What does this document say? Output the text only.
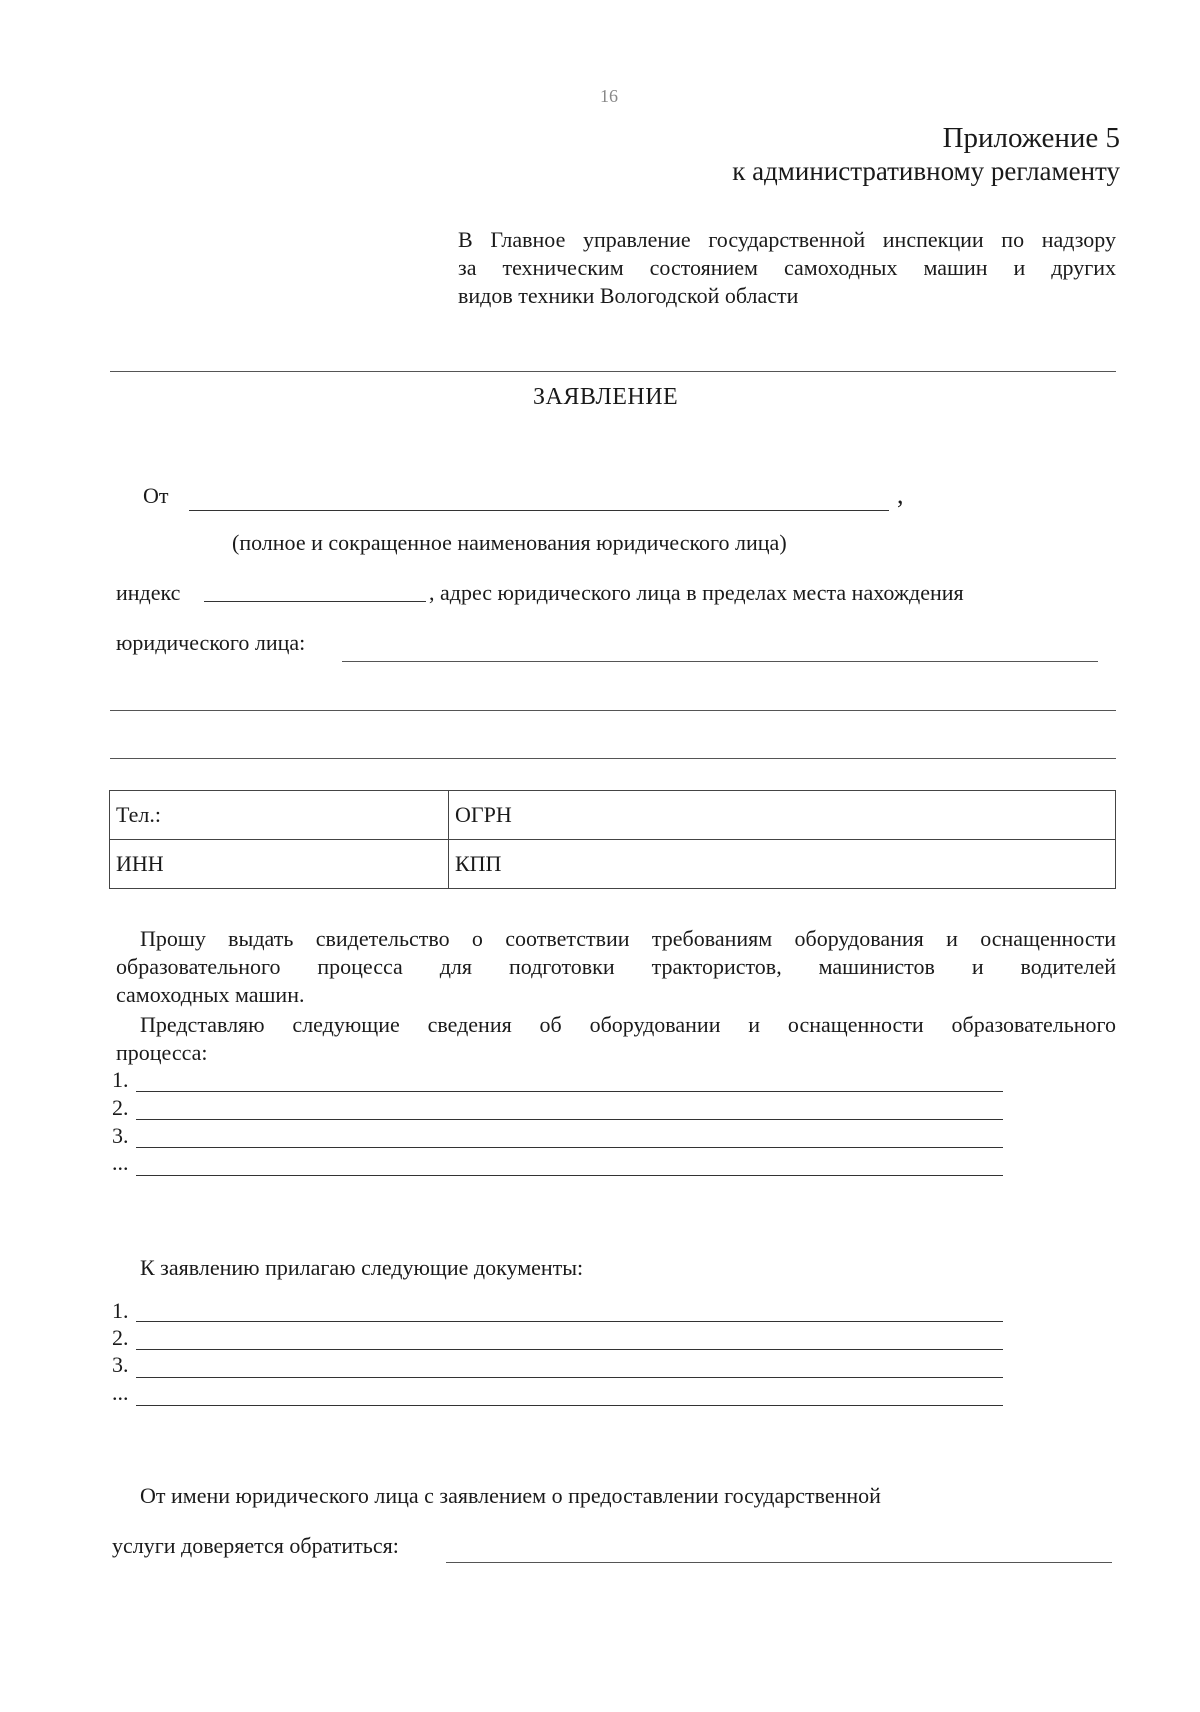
16
Приложение 5
к административному регламенту
В Главное управление государственной инспекции по надзору
за техническим состоянием самоходных машин и других
видов техники Вологодской области
ЗАЯВЛЕНИЕ
От	,
(полное и сокращенное наименования юридического лица)
индекс	, адрес юридического лица в пределах места нахождения
юридического лица:
Тел.:	ОГРН
ИНН	КПП
Прошу выдать свидетельство о соответствии требованиям оборудования и оснащенности
образовательного процесса для подготовки трактористов, машинистов и водителей
самоходных машин.
Представляю следующие сведения об оборудовании и оснащенности образовательного
процесса:
1.
2.
3.
...
К заявлению прилагаю следующие документы:
1.
2.
3.
...
От имени юридического лица с заявлением о предоставлении государственной
услуги доверяется обратиться:
